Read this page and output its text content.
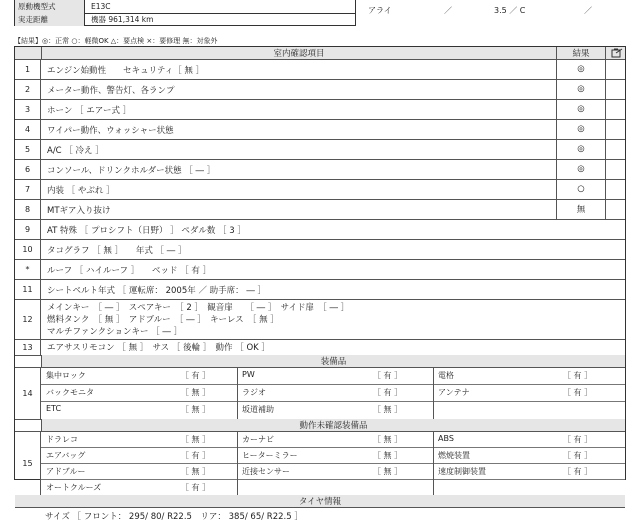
原動機型式	E13C
実走距離	機器 961,314 km
アライ	／	3.5 ／ C	／
【結果】◎：正常 ○：軽微OK △：要点検 ×：要修理 無：対象外
室内確認項目	結果
1	エンジン始動性　　セキュリティ［ 無 ］	◎
2	メーター動作、警告灯、各ランプ	◎
3	ホーン ［ エアー式 ］	◎
4	ワイパー動作、ウォッシャー状態	◎
5	A/C ［ 冷え ］	◎
6	コンソール、ドリンクホルダー状態 ［ ― ］	◎
7	内装 ［ やぶれ ］	○
8	MTギア入り抜け	無
9	AT 特殊 ［ プロシフト（日野） ］ ペダル数 ［ 3 ］
10	タコグラフ ［ 無 ］　　年式 ［ ― ］
*	ルーフ ［ ハイルーフ ］　　ベッド ［ 有 ］
11	シートベルト年式 ［ 運転席： 2005年 ／ 助手席： ― ］
12
メインキー　［ ― ］　スペアキー　［ 2 ］　観音扉　　［ ― ］　サイド扉　［ ― ］
燃料タンク　［ 無 ］　アドブルー　［ ― ］　キーレス　［ 無 ］
マルチファンクションキー ［ ― ］
13	エアサスリモコン ［ 無 ］　サス ［ 後輪 ］　動作 ［ OK ］
装備品
14
集中ロック	［ 有 ］	PW	［ 有 ］	電格	［ 有 ］
バックモニタ	［ 無 ］	ラジオ	［ 有 ］	アンテナ	［ 有 ］
ETC	［ 無 ］	坂道補助	［ 無 ］
動作未確認装備品
15
ドラレコ	［ 無 ］	カーナビ	［ 無 ］	ABS	［ 有 ］
エアバッグ	［ 有 ］	ヒーターミラー	［ 無 ］	燃焼装置	［ 有 ］
アドブルー	［ 無 ］	近接センサー	［ 無 ］	速度制御装置	［ 有 ］
オートクルーズ	［ 有 ］
タイヤ情報
サイズ ［ フロント： 295/ 80/ R22.5　リア： 385/ 65/ R22.5 ］
